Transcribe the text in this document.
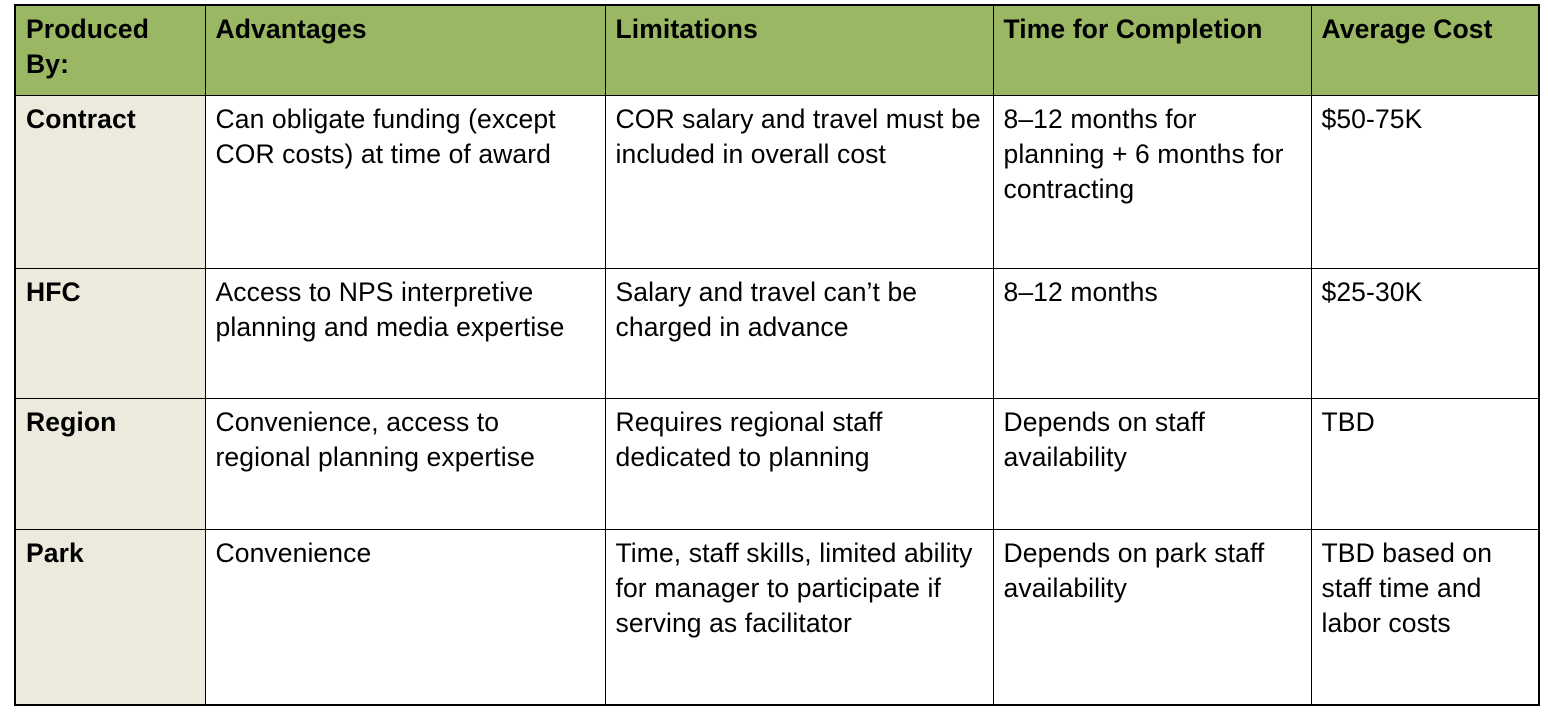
Produced By:	Advantages	Limitations	Time for Completion	Average Cost
Contract	Can obligate funding (except COR costs) at time of award	COR salary and travel must be included in overall cost	8–12 months for planning + 6 months for contracting	$50-75K
HFC	Access to NPS interpretive planning and media expertise	Salary and travel can’t be charged in advance	8–12 months	$25-30K
Region	Convenience, access to regional planning expertise	Requires regional staff dedicated to planning	Depends on staff availability	TBD
Park	Convenience	Time, staff skills, limited ability for manager to participate if serving as facilitator	Depends on park staff availability	TBD based on staff time and labor costs
